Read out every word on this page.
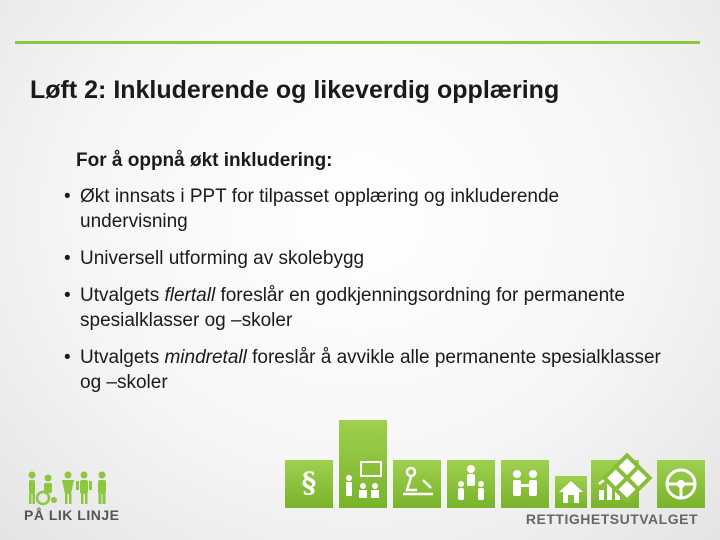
Løft 2: Inkluderende og likeverdig opplæring

For å oppnå økt inkludering:

• Økt innsats i PPT for tilpasset opplæring og inkluderende undervisning
• Universell utforming av skolebygg
• Utvalgets flertall foreslår en godkjenningsordning for permanente spesialklasser og –skoler
• Utvalgets mindretall foreslår å avvikle alle permanente spesialklasser og –skoler
PÅ LIK LINJE
§
RETTIGHETSUTVALGET
